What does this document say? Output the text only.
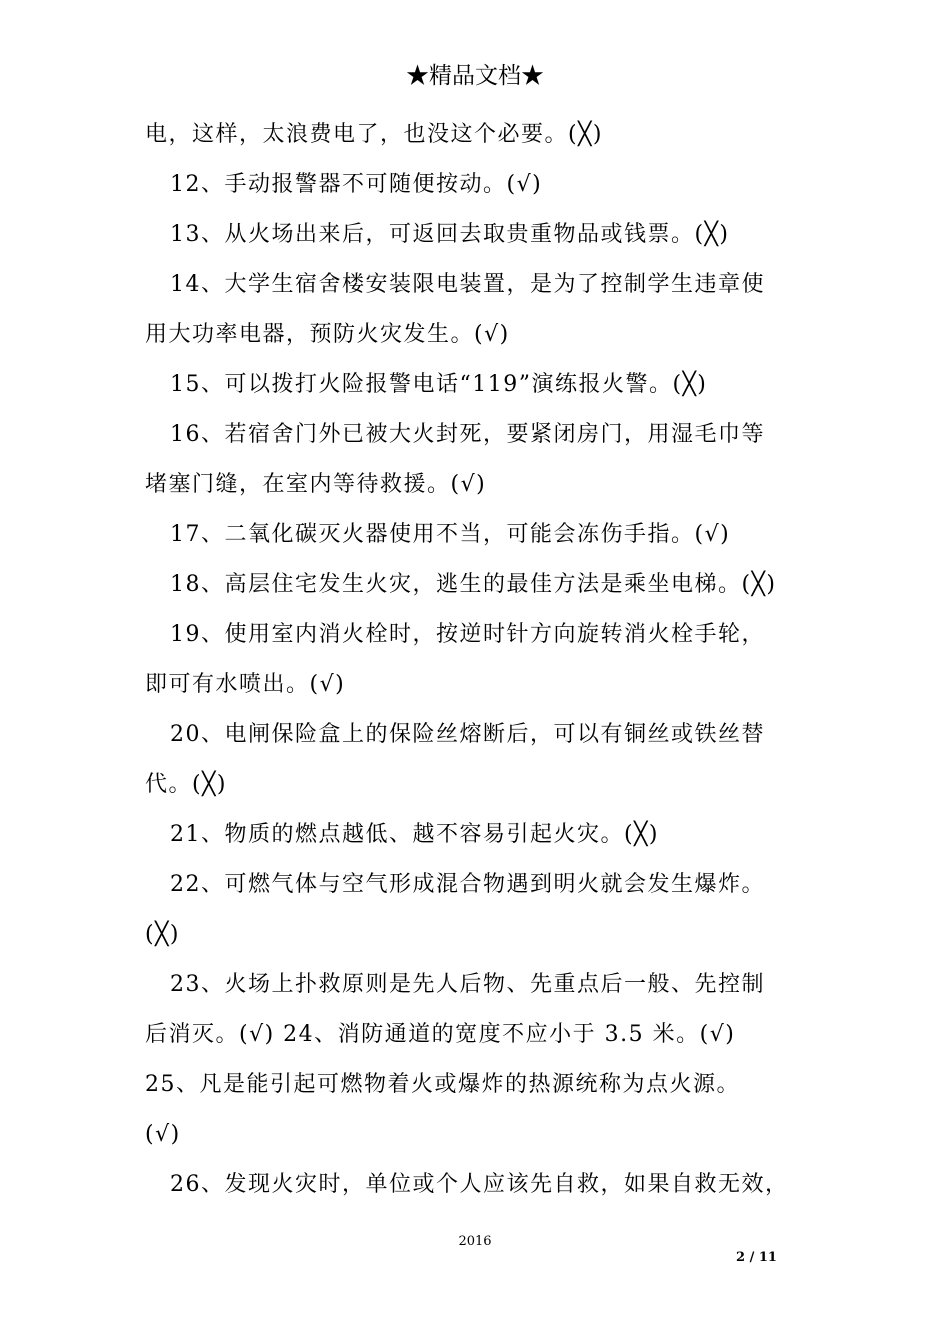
★精品文档★
电，这样，太浪费电了，也没这个必要。(╳)
12、手动报警器不可随便按动。(√)
13、从火场出来后，可返回去取贵重物品或钱票。(╳)
14、大学生宿舍楼安装限电装置，是为了控制学生违章使
用大功率电器，预防火灾发生。(√)
15、可以拨打火险报警电话“119”演练报火警。(╳)
16、若宿舍门外已被大火封死，要紧闭房门，用湿毛巾等
堵塞门缝，在室内等待救援。(√)
17、二氧化碳灭火器使用不当，可能会冻伤手指。(√)
18、高层住宅发生火灾，逃生的最佳方法是乘坐电梯。(╳)
19、使用室内消火栓时，按逆时针方向旋转消火栓手轮，
即可有水喷出。(√)
20、电闸保险盒上的保险丝熔断后，可以有铜丝或铁丝替
代。(╳)
21、物质的燃点越低、越不容易引起火灾。(╳)
22、可燃气体与空气形成混合物遇到明火就会发生爆炸。
(╳)
23、火场上扑救原则是先人后物、先重点后一般、先控制
后消灭。(√) 24、消防通道的宽度不应小于 3.5 米。(√)
25、凡是能引起可燃物着火或爆炸的热源统称为点火源。
(√)
26、发现火灾时，单位或个人应该先自救，如果自救无效，
2016
2 / 11
